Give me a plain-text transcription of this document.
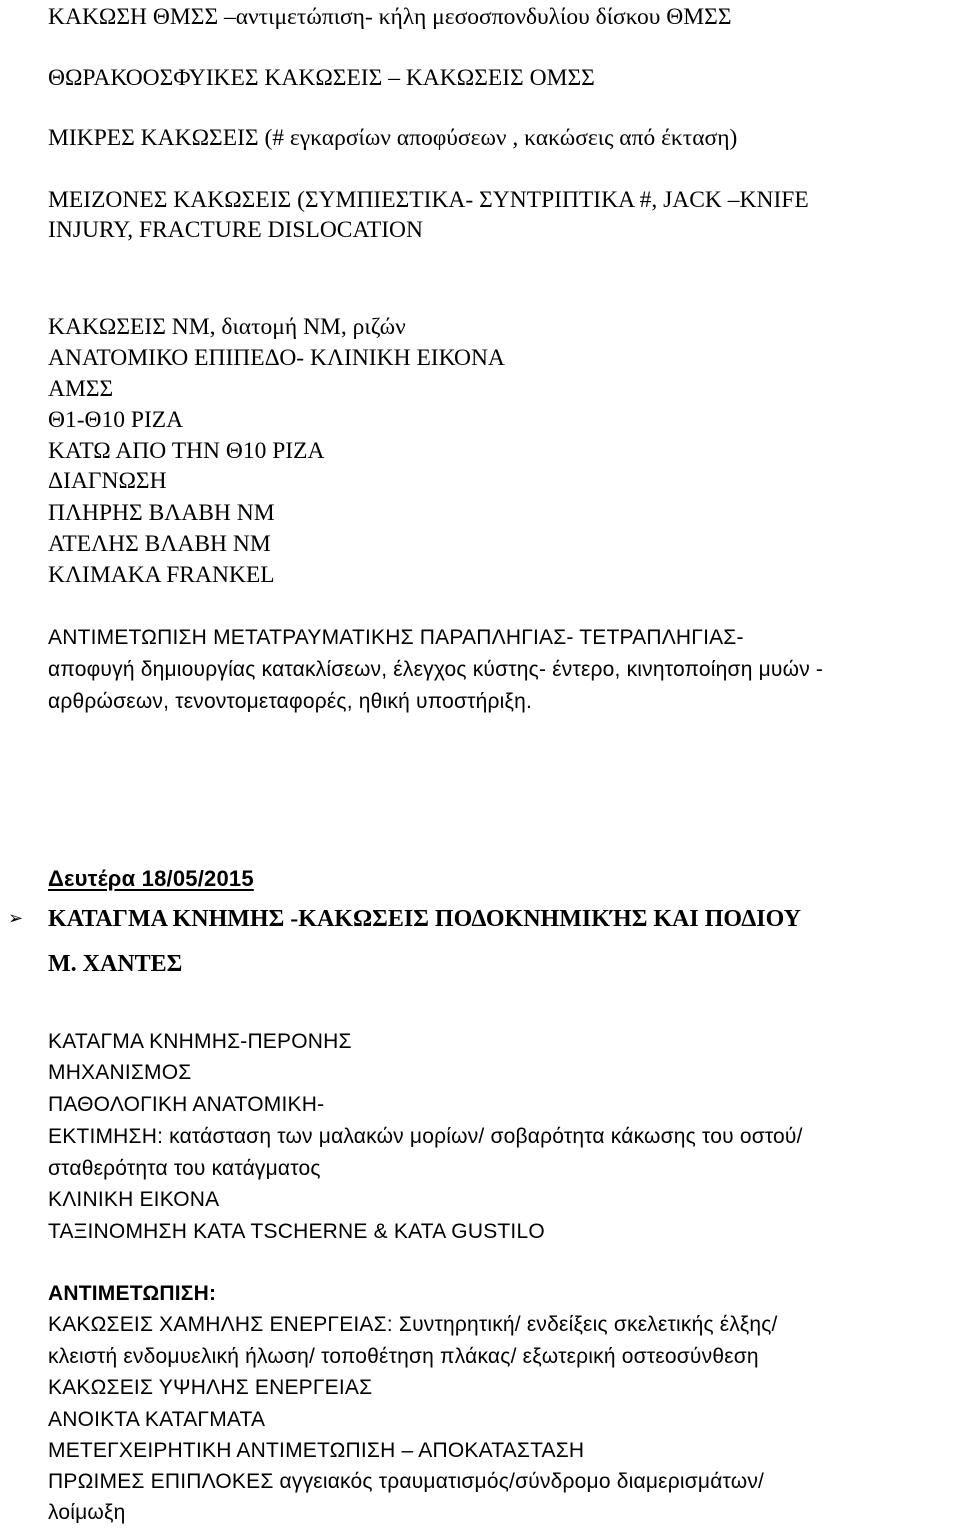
ΚΑΚΩΣΗ ΘΜΣΣ –αντιμετώπιση- κήλη μεσοσπονδυλίου δίσκου ΘΜΣΣ

ΘΩΡΑΚΟΟΣΦΥΙΚΕΣ ΚΑΚΩΣΕΙΣ – ΚΑΚΩΣΕΙΣ ΟΜΣΣ

ΜΙΚΡΕΣ ΚΑΚΩΣΕΙΣ (# εγκαρσίων αποφύσεων , κακώσεις από έκταση)

ΜΕΙΖΟΝΕΣ ΚΑΚΩΣΕΙΣ (ΣΥΜΠΙΕΣΤΙΚΑ- ΣΥΝΤΡΙΠΤΙΚΑ #, JACK –KNIFE

INJURY, FRACTURE DISLOCATION

ΚΑΚΩΣΕΙΣ ΝΜ, διατομή ΝΜ, ριζών

ΑΝΑΤΟΜΙΚΟ ΕΠΙΠΕΔΟ- ΚΛΙΝΙΚΗ ΕΙΚΟΝΑ

ΑΜΣΣ

Θ1-Θ10 ΡΙΖΑ

ΚΑΤΩ ΑΠΟ ΤΗΝ Θ10 ΡΙΖΑ

ΔΙΑΓΝΩΣΗ

ΠΛΗΡΗΣ ΒΛΑΒΗ ΝΜ

ΑΤΕΛΗΣ ΒΛΑΒΗ ΝΜ

ΚΛΙΜΑΚΑ FRANKEL

ΑΝΤΙΜΕΤΩΠΙΣΗ ΜΕΤΑΤΡΑΥΜΑΤΙΚΗΣ ΠΑΡΑΠΛΗΓΙΑΣ- ΤΕΤΡΑΠΛΗΓΙΑΣ-

αποφυγή δημιουργίας κατακλίσεων, έλεγχος κύστης- έντερο, κινητοποίηση μυών -

αρθρώσεων, τενοντομεταφορές, ηθική υποστήριξη.

Δευτέρα 18/05/2015

➢	ΚΑΤΑΓΜΑ ΚΝΗΜΗΣ -ΚΑΚΩΣΕΙΣ ΠΟΔΟΚΝΗΜΙΚΉΣ ΚΑΙ ΠΟΔΙΟΥ

Μ. ΧΑΝΤΕΣ

ΚΑΤΑΓΜΑ ΚΝΗΜΗΣ-ΠΕΡΟΝΗΣ

ΜΗΧΑΝΙΣΜΟΣ

ΠΑΘΟΛΟΓΙΚΗ ΑΝΑΤΟΜΙΚΗ-

ΕΚΤΙΜΗΣΗ: κατάσταση των μαλακών μορίων/ σοβαρότητα κάκωσης του οστού/

σταθερότητα του κατάγματος

ΚΛΙΝΙΚΗ ΕΙΚΟΝΑ

ΤΑΞΙΝΟΜΗΣΗ ΚΑΤΑ TSCHERNE & ΚΑΤΑ GUSTILO

ΑΝΤΙΜΕΤΩΠΙΣΗ:

ΚΑΚΩΣΕΙΣ ΧΑΜΗΛΗΣ ΕΝΕΡΓΕΙΑΣ: Συντηρητική/ ενδείξεις σκελετικής έλξης/

κλειστή ενδομυελική ήλωση/ τοποθέτηση πλάκας/ εξωτερική οστεοσύνθεση

ΚΑΚΩΣΕΙΣ ΥΨΗΛΗΣ ΕΝΕΡΓΕΙΑΣ

ΑΝΟΙΚΤΑ ΚΑΤΑΓΜΑΤΑ

ΜΕΤΕΓΧΕΙΡΗΤΙΚΗ ΑΝΤΙΜΕΤΩΠΙΣΗ – ΑΠΟΚΑΤΑΣΤΑΣΗ

ΠΡΩΙΜΕΣ ΕΠΙΠΛΟΚΕΣ αγγειακός τραυματισμός/σύνδρομο διαμερισμάτων/

λοίμωξη
